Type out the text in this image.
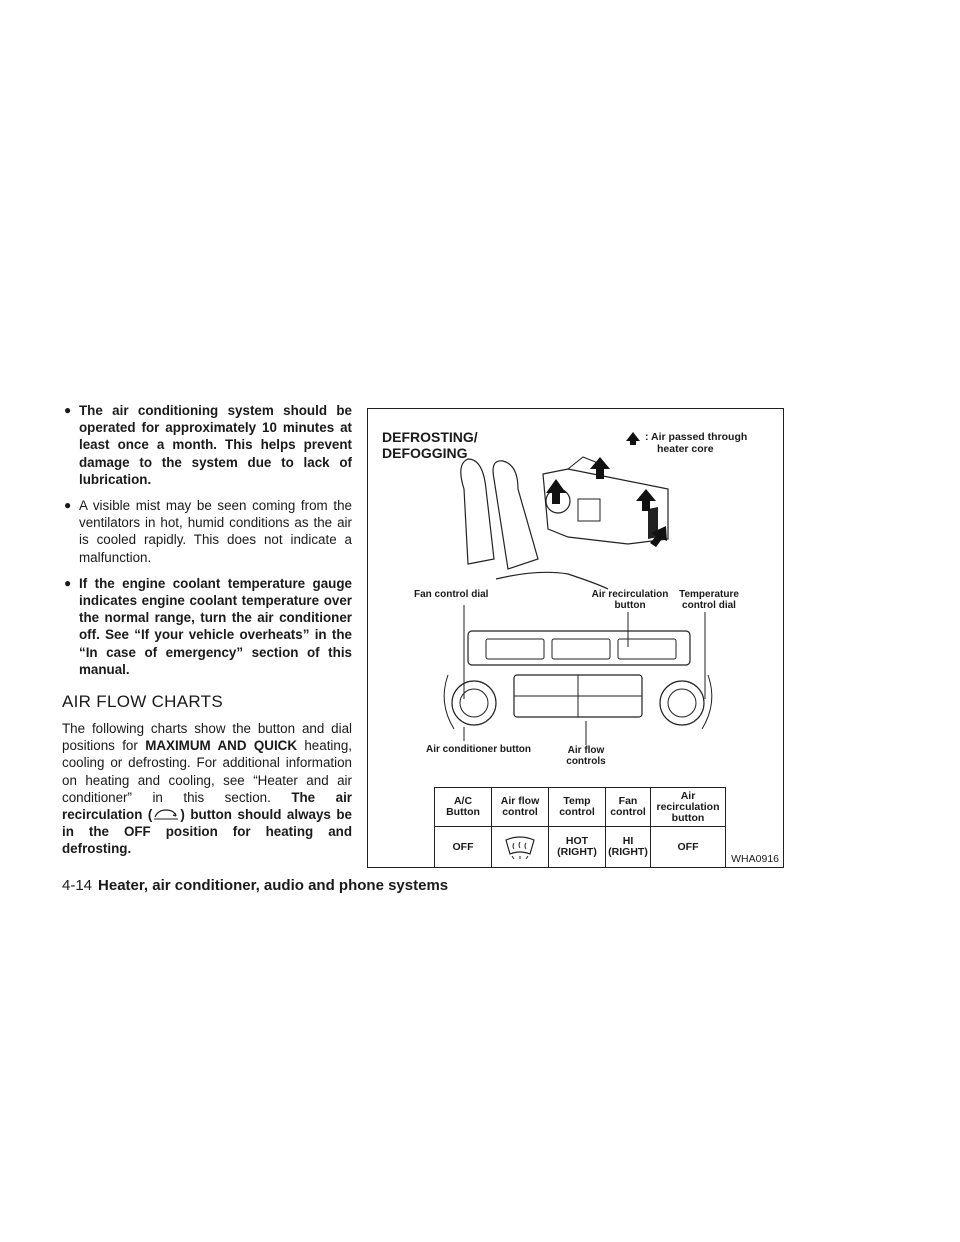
● The air conditioning system should be operated for approximately 10 minutes at least once a month. This helps prevent damage to the system due to lack of lubrication.
● A visible mist may be seen coming from the ventilators in hot, humid conditions as the air is cooled rapidly. This does not indicate a malfunction.
● If the engine coolant temperature gauge indicates engine coolant temperature over the normal range, turn the air conditioner off. See “If your vehicle overheats” in the “In case of emergency” section of this manual.
AIR FLOW CHARTS
The following charts show the button and dial positions for MAXIMUM AND QUICK heating, cooling or defrosting. For additional information on heating and cooling, see “Heater and air conditioner” in this section. The air recirculation ( ) button should always be in the OFF position for heating and defrosting.
DEFROSTING/
DEFOGGING
: Air passed through
heater core
Fan control dial	Air recirculation button
Temperature control dial
Air conditioner button	Air flow controls
A/C Button	Air flow control	Temp control	Fan control	Air recirculation button
OFF		HOT (RIGHT)	HI (RIGHT)	OFF
WHA0916
4-14 Heater, air conditioner, audio and phone systems
